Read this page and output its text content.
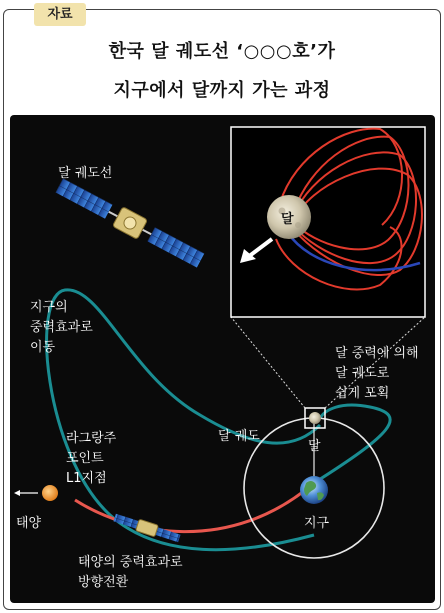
자료
한국 달 궤도선 ‘○○○호’가
지구에서 달까지 가는 과정
달 궤도선
지구의
중력효과로
이동
라그랑주
포인트
L1지점
태양
태양의 중력효과로
방향전환
달 궤도
달
지구
달 중력에 의해
달 궤도로
쉽게 포획
달
